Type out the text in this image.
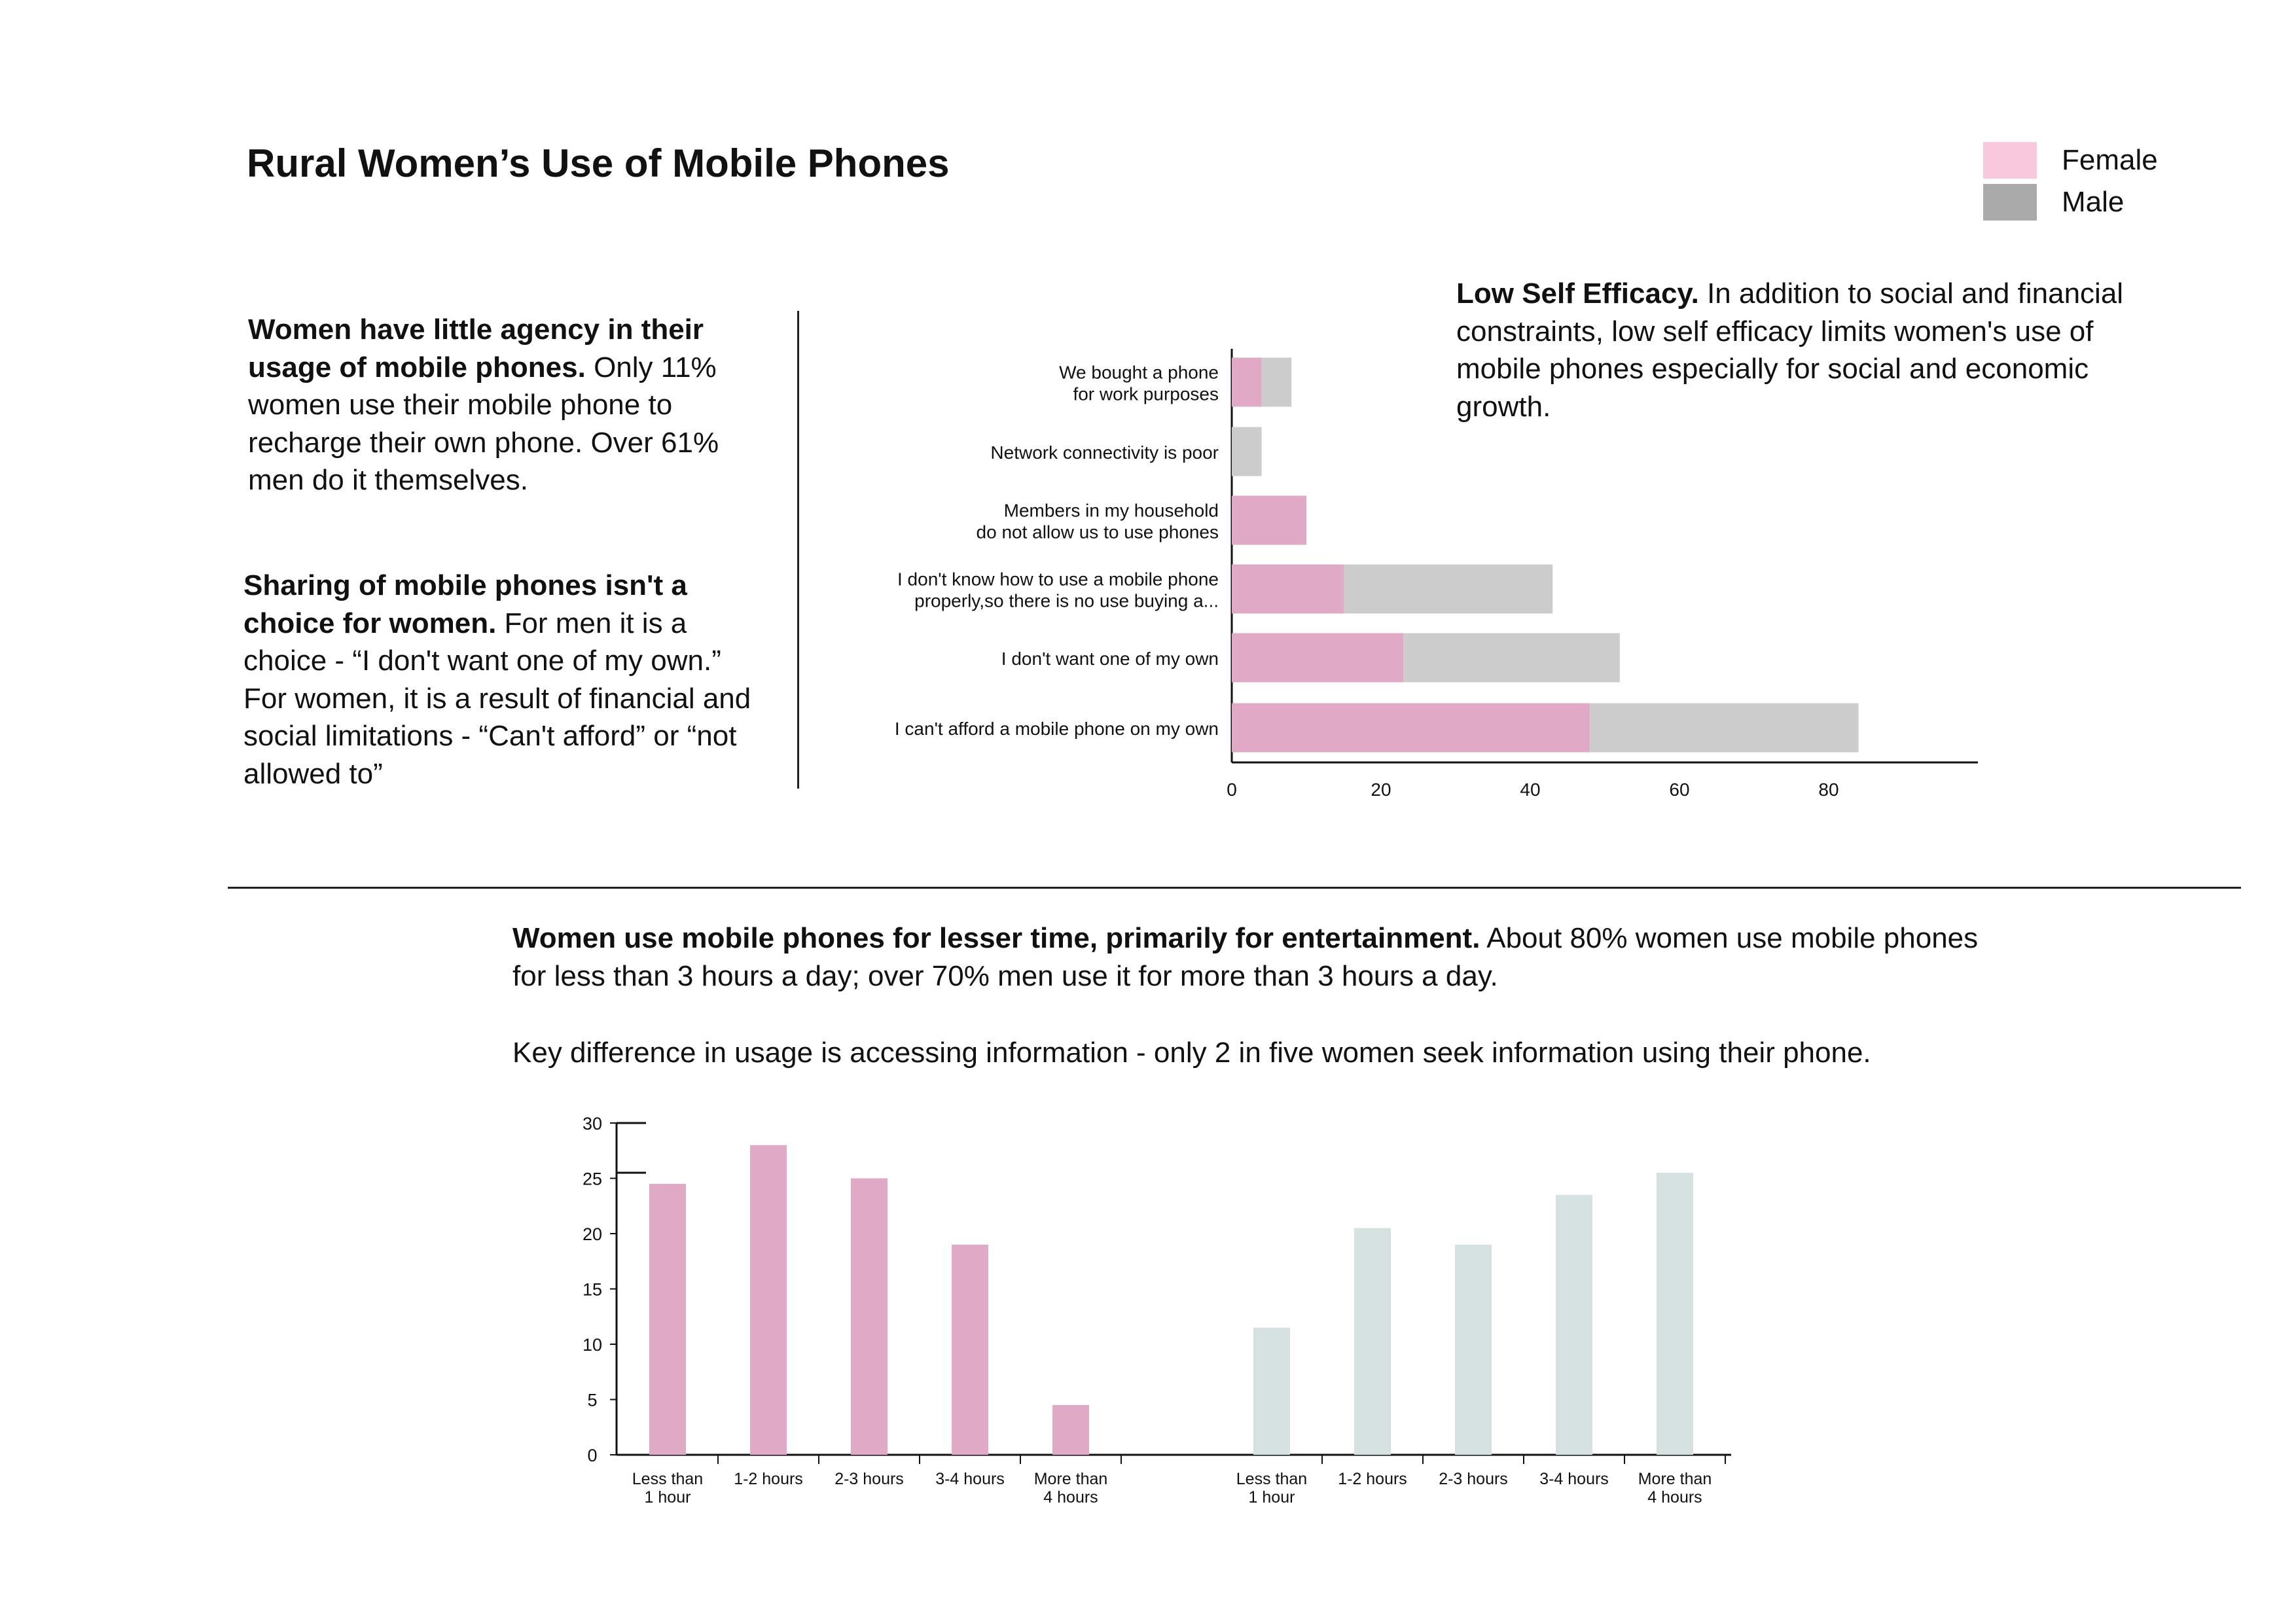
Rural Women’s Use of Mobile Phones	Female
Male
Women have little agency in their usage of mobile phones. Only 11% women use their mobile phone to recharge their own phone. Over 61% men do it themselves.
Sharing of mobile phones isn't a choice for women. For men it is a choice - “I don't want one of my own.” For women, it is a result of financial and social limitations - “Can't afford” or “not allowed to”
Low Self Efficacy. In addition to social and financial constraints, low self efficacy limits women's use of mobile phones especially for social and economic growth.
We bought a phone
for work purposes
Network connectivity is poor
Members in my household
do not allow us to use phones
I don't know how to use a mobile phone
properly,so there is no use buying a...
I don't want one of my own
I can't afford a mobile phone on my own
0	20	40	60	80
Women use mobile phones for lesser time, primarily for entertainment. About 80% women use mobile phones for less than 3 hours a day; over 70% men use it for more than 3 hours a day.
Key difference in usage is accessing information - only 2 in five women seek information using their phone.
0
5
10
15
20
25
30
Less than
1 hour
1-2 hours 2-3 hours 3-4 hours More than
4 hours
Less than
1 hour
1-2 hours 2-3 hours 3-4 hours More than
4 hours
